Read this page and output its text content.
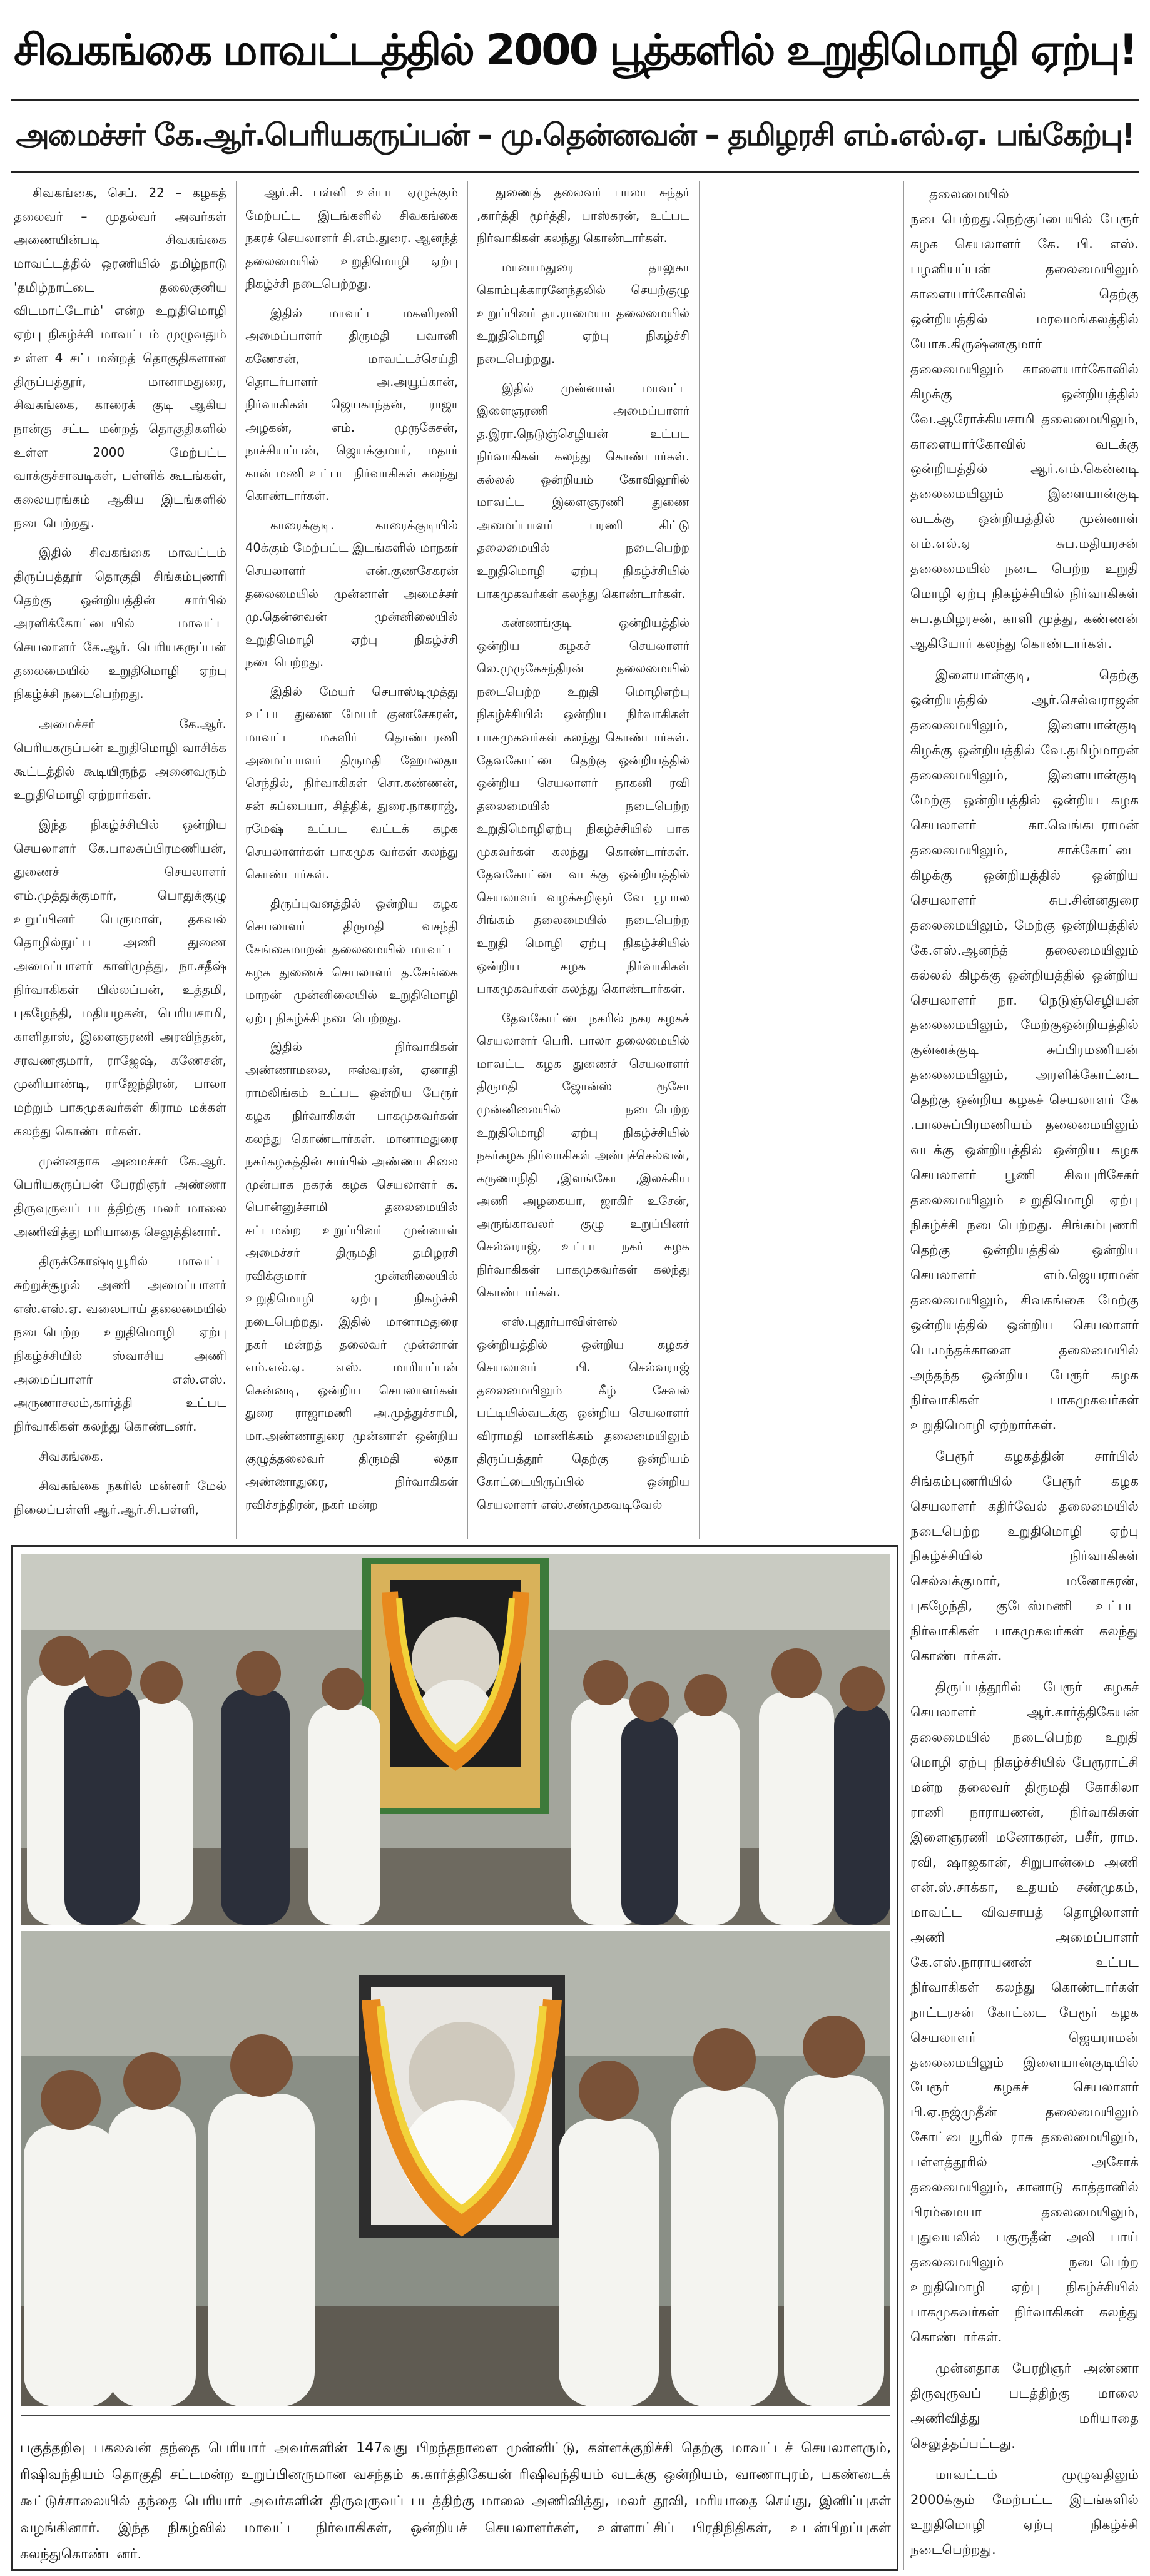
சிவகங்கை மாவட்டத்தில் 2000 பூத்களில் உறுதிமொழி ஏற்பு!
அமைச்சர் கே.ஆர்.பெரியகருப்பன் – மு.தென்னவன் – தமிழரசி எம்.எல்.ஏ. பங்கேற்பு!

சிவகங்கை, செப். 22 – கழகத் தலைவர் – முதல்வர் அவர்கள் அணையின்படி சிவகங்கை மாவட்டத்தில் ஒரணியில் தமிழ்நாடு 'தமிழ்நாட்டை தலைகுனிய விடமாட்டோம்' என்ற உறுதிமொழி ஏற்பு நிகழ்ச்சி மாவட்டம் முழுவதும் உள்ள 4 சட்டமன்றத் தொகுதிகளான திருப்பத்தூர், மானாமதுரை, சிவகங்கை, காரைக் குடி ஆகிய நான்கு சட்ட மன்றத் தொகுதிகளில் உள்ள 2000 மேற்பட்ட வாக்குச்சாவடிகள், பள்ளிக் கூடங்கள், கலையரங்கம் ஆகிய இடங்களில் நடைபெற்றது.

இதில் சிவகங்கை மாவட்டம் திருப்பத்தூர் தொகுதி சிங்கம்புணரி தெற்கு ஒன்றியத்தின் சார்பில் அரளிக்கோட்டையில் மாவட்ட செயலாளர் கே.ஆர். பெரியகருப்பன் தலைமையில் உறுதிமொழி ஏற்பு நிகழ்ச்சி நடைபெற்றது.

அமைச்சர் கே.ஆர். பெரியகருப்பன் உறுதிமொழி வாசிக்க கூட்டத்தில் கூடியிருந்த அனைவரும் உறுதிமொழி ஏற்றார்கள்.

இந்த நிகழ்ச்சியில் ஒன்றிய செயலாளர் கே.பாலசுப்பிரமணியன், துணைச் செயலாளர் எம்.முத்துக்குமார், பொதுக்குழு உறுப்பினர் பெருமாள், தகவல் தொழில்நுட்ப அணி துணை அமைப்பாளர் காளிமுத்து, நா.சதீஷ் நிர்வாகிகள் பில்லப்பன், உத்தமி, புகழேந்தி, மதியழகன், பெரியசாமி, காளிதாஸ், இளைஞரணி அரவிந்தன், சரவணகுமார், ராஜேஷ், கணேசன், முனியாண்டி, ராஜேந்திரன், பாலா மற்றும் பாகமுகவர்கள் கிராம மக்கள் கலந்து கொண்டார்கள்.

முன்னதாக அமைச்சர் கே.ஆர். பெரியகருப்பன் பேரறிஞர் அண்ணா திருவுருவப் படத்திற்கு மலர் மாலை அணிவித்து மரியாதை செலுத்தினார்.

திருக்கோஷ்டியூரில் மாவட்ட சுற்றுச்சூழல் அணி அமைப்பாளர் எஸ்.எஸ்.ஏ. வலைபாய் தலைமையில் நடைபெற்ற உறுதிமொழி ஏற்பு நிகழ்ச்சியில் ஸ்வாசிய அணி அமைப்பாளர் எஸ்.எஸ். அருணாசலம்,கார்த்தி உட்பட நிர்வாகிகள் கலந்து கொண்டனர்.

சிவகங்கை.

சிவகங்கை நகரில் மன்னர் மேல் நிலைப்பள்ளி ஆர்.ஆர்.சி.பள்ளி,

ஆர்.சி. பள்ளி உள்பட ஏழுக்கும் மேற்பட்ட இடங்களில் சிவகங்கை நகரச் செயலாளர் சி.எம்.துரை. ஆனந்த் தலைமையில் உறுதிமொழி ஏற்பு நிகழ்ச்சி நடைபெற்றது.

இதில் மாவட்ட மகளிரணி அமைப்பாளர் திருமதி பவானி கணேசன், மாவட்டச்செய்தி தொடர்பாளர் அ.அயூப்கான், நிர்வாகிகள் ஜெயகாந்தன், ராஜா அழகன், எம். முருகேசன், நாச்சியப்பன், ஜெயக்குமார், மதார் கான் மணி உட்பட நிர்வாகிகள் கலந்து கொண்டார்கள்.

காரைக்குடி. காரைக்குடியில் 40க்கும் மேற்பட்ட இடங்களில் மாநகர் செயலாளர் என்.குணசேகரன் தலைமையில் முன்னாள் அமைச்சர் மு.தென்னவன் முன்னிலையில் உறுதிமொழி ஏற்பு நிகழ்ச்சி நடைபெற்றது.

இதில் மேயர் செபாஸ்டிமுத்து உட்பட துணை மேயர் குணசேகரன், மாவட்ட மகளிர் தொண்டரணி அமைப்பாளர் திருமதி ஹேமலதா செந்தில், நிர்வாகிகள் சொ.கண்ணன், சன் சுப்பையா, சித்திக், துரை.நாகராஜ், ரமேஷ் உட்பட வட்டக் கழக செயலாளர்கள் பாகமுக வர்கள் கலந்து கொண்டார்கள்.

திருப்புவனத்தில் ஒன்றிய கழக செயலாளர் திருமதி வசந்தி சேங்கைமாறன் தலைமையில் மாவட்ட கழக துணைச் செயலாளர் த.சேங்கை மாறன் முன்னிலையில் உறுதிமொழி ஏற்பு நிகழ்ச்சி நடைபெற்றது.

இதில் நிர்வாகிகள் அண்ணாமலை, ஈஸ்வரன், ஏனாதி ராமலிங்கம் உட்பட ஒன்றிய பேரூர் கழக நிர்வாகிகள் பாகமுகவர்கள் கலந்து கொண்டார்கள். மானாமதுரை நகர்கழகத்தின் சார்பில் அண்ணா சிலை முன்பாக நகரக் கழக செயலாளர் க. பொன்னுச்சாமி தலைமையில் சட்டமன்ற உறுப்பினர் முன்னாள் அமைச்சர் திருமதி தமிழரசி ரவிக்குமார் முன்னிலையில் உறுதிமொழி ஏற்பு நிகழ்ச்சி நடைபெற்றது. இதில் மானாமதுரை நகர் மன்றத் தலைவர் முன்னாள் எம்.எல்.ஏ. எஸ். மாரியப்பன் கென்னடி, ஒன்றிய செயலாளர்கள் துரை ராஜாமணி அ.முத்துச்சாமி, மா.அண்ணாதுரை முன்னாள் ஒன்றிய குழுத்தலைவர் திருமதி லதா அண்ணாதுரை, நிர்வாகிகள் ரவிச்சந்திரன், நகர் மன்ற

துணைத் தலைவர் பாலா சுந்தர் ,கார்த்தி மூர்த்தி, பாஸ்கரன், உட்பட நிர்வாகிகள் கலந்து கொண்டார்கள்.

மானாமதுரை தாலுகா கொம்புக்காரனேந்தலில் செயற்குழு உறுப்பினர் தா.ராமையா தலைமையில் உறுதிமொழி ஏற்பு நிகழ்ச்சி நடைபெற்றது.

இதில் முன்னாள் மாவட்ட இளைஞரணி அமைப்பாளர் த.இரா.நெடுஞ்செழியன் உட்பட நிர்வாகிகள் கலந்து கொண்டார்கள். கல்லல் ஒன்றியம் கோவிலூரில் மாவட்ட இளைஞரணி துணை அமைப்பாளர் பரணி கிட்டு தலைமையில் நடைபெற்ற உறுதிமொழி ஏற்பு நிகழ்ச்சியில் பாகமுகவர்கள் கலந்து கொண்டார்கள்.

கண்ணங்குடி ஒன்றியத்தில் ஒன்றிய கழகச் செயலாளர் லெ.முருகேசந்திரன் தலைமையில் நடைபெற்ற உறுதி மொழிஎற்பு நிகழ்ச்சியில் ஒன்றிய நிர்வாகிகள் பாகமுகவர்கள் கலந்து கொண்டார்கள். தேவகோட்டை தெற்கு ஒன்றியத்தில் ஒன்றிய செயலாளர் நாகனி ரவி தலைமையில் நடைபெற்ற உறுதிமொழிஏற்பு நிகழ்ச்சியில் பாக முகவர்கள் கலந்து கொண்டார்கள். தேவகோட்டை வடக்கு ஒன்றியத்தில் செயலாளர் வழக்கறிஞர் வே பூபால சிங்கம் தலைமையில் நடைபெற்ற உறுதி மொழி ஏற்பு நிகழ்ச்சியில் ஒன்றிய கழக நிர்வாகிகள் பாகமுகவர்கள் கலந்து கொண்டார்கள்.

தேவகோட்டை நகரில் நகர கழகச் செயலாளர் பெரி. பாலா தலைமையில் மாவட்ட கழக துணைச் செயலாளர் திருமதி ஜோன்ஸ் ரூசோ முன்னிலையில் நடைபெற்ற உறுதிமொழி ஏற்பு நிகழ்ச்சியில் நகர்கழக நிர்வாகிகள் அன்புச்செல்வன், கருணாநிதி ,இளங்கோ ,இலக்கிய அணி அழகையா, ஜாகிர் உசேன், அருங்காவலர் குழு உறுப்பினர் செல்வராஜ், உட்பட நகர் கழக நிர்வாகிகள் பாகமுகவர்கள் கலந்து கொண்டார்கள்.

எஸ்.புதூர்பாவிள்ளல் ஒன்றியத்தில் ஒன்றிய கழகச் செயலாளர் பி. செல்வராஜ் தலைமையிலும் கீழ் சேவல் பட்டியில்வடக்கு ஒன்றிய செயலாளர் விராமதி மாணிக்கம் தலைமையிலும் திருப்பத்தூர் தெற்கு ஒன்றியம் கோட்டையிருப்பில் ஒன்றிய செயலாளர் எஸ்.சண்முகவடிவேல்

தலைமையில் நடைபெற்றது.நெற்குப்பையில் பேரூர் கழக செயலாளர் கே. பி. எஸ். பழனியப்பன் தலைமையிலும் காளையார்கோவில் தெற்கு ஒன்றியத்தில் மரவமங்கலத்தில் யோக.கிருஷ்ணகுமார் தலைமையிலும் காளையார்கோவில் கிழக்கு ஒன்றியத்தில் வே.ஆரோக்கியசாமி தலைமையிலும், காளையார்கோவில் வடக்கு ஒன்றியத்தில் ஆர்.எம்.கென்னடி தலைமையிலும் இளையான்குடி வடக்கு ஒன்றியத்தில் முன்னாள் எம்.எல்.ஏ சுப.மதியரசன் தலைமையில் நடை பெற்ற உறுதி மொழி ஏற்பு நிகழ்ச்சியில் நிர்வாகிகள் சுப.தமிழரசன், காளி முத்து, கண்ணன் ஆகியோர் கலந்து கொண்டார்கள்.

இளையான்குடி, தெற்கு ஒன்றியத்தில் ஆர்.செல்வராஜன் தலைமையிலும், இளையான்குடி கிழக்கு ஒன்றியத்தில் வே.தமிழ்மாறன் தலைமையிலும், இளையான்குடி மேற்கு ஒன்றியத்தில் ஒன்றிய கழக செயலாளர் கா.வெங்கடராமன் தலைமையிலும், சாக்கோட்டை கிழக்கு ஒன்றியத்தில் ஒன்றிய செயலாளர் சுப.சின்னதுரை தலைமையிலும், மேற்கு ஒன்றியத்தில் கே.எஸ்.ஆனந்த் தலைமையிலும் கல்லல் கிழக்கு ஒன்றியத்தில் ஒன்றிய செயலாளர் நா. நெடுஞ்செழியன் தலைமையிலும், மேற்குஒன்றியத்தில் குன்னக்குடி சுப்பிரமணியன் தலைமையிலும், அரளிக்கோட்டை தெற்கு ஒன்றிய கழகச் செயலாளர் கே .பாலசுப்பிரமணியம் தலைமையிலும் வடக்கு ஒன்றியத்தில் ஒன்றிய கழக செயலாளர் பூணி சிவபுரிசேகர் தலைமையிலும் உறுதிமொழி ஏற்பு நிகழ்ச்சி நடைபெற்றது. சிங்கம்புணரி தெற்கு ஒன்றியத்தில் ஒன்றிய செயலாளர் எம்.ஜெயராமன் தலைமையிலும், சிவகங்கை மேற்கு ஒன்றியத்தில் ஒன்றிய செயலாளர் பெ.மந்தக்காளை தலைமையில் அந்தந்த ஒன்றிய பேரூர் கழக நிர்வாகிகள் பாகமுகவர்கள் உறுதிமொழி ஏற்றார்கள்.

பேரூர் கழகத்தின் சார்பில் சிங்கம்புணரியில் பேரூர் கழக செயலாளர் கதிர்வேல் தலைமையில் நடைபெற்ற உறுதிமொழி ஏற்பு நிகழ்ச்சியில் நிர்வாகிகள் செல்வக்குமார், மனோகரன், புகழேந்தி, குடேஸ்மணி உட்பட நிர்வாகிகள் பாகமுகவர்கள் கலந்து கொண்டார்கள்.

திருப்பத்தூரில் பேரூர் கழகச் செயலாளர் ஆர்.கார்த்திகேயன் தலைமையில் நடைபெற்ற உறுதி மொழி ஏற்பு நிகழ்ச்சியில் பேரூராட்சி மன்ற தலைவர் திருமதி கோகிலா ராணி நாராயணன், நிர்வாகிகள் இளைஞரணி மனோகரன், பசீர், ராம. ரவி, ஷாஜகான், சிறுபான்மை அணி என்.ஸ்.சாக்கா, உதயம் சண்முகம், மாவட்ட விவசாயத் தொழிலாளர் அணி அமைப்பாளர் கே.எஸ்.நாராயணன் உட்பட நிர்வாகிகள் கலந்து கொண்டார்கள் நாட்டரசன் கோட்டை பேரூர் கழக செயலாளர் ஜெயராமன் தலைமையிலும் இளையான்குடியில் பேரூர் கழகச் செயலாளர் பி.ஏ.நஜ்முதீன் தலைமையிலும் கோட்டையூரில் ராசு தலைமையிலும், பள்ளத்தூரில் அசோக் தலைமையிலும், கானாடு காத்தானில் பிரம்மையா தலைமையிலும், புதுவயலில் பகுருதீன் அலி பாய் தலைமையிலும் நடைபெற்ற உறுதிமொழி ஏற்பு நிகழ்ச்சியில் பாகமுகவர்கள் நிர்வாகிகள் கலந்து கொண்டார்கள்.

முன்னதாக பேரறிஞர் அண்ணா திருவுருவப் படத்திற்கு மாலை அணிவித்து மரியாதை செலுத்தப்பட்டது.

மாவட்டம் முழுவதிலும் 2000க்கும் மேற்பட்ட இடங்களில் உறுதிமொழி ஏற்பு நிகழ்ச்சி நடைபெற்றது.

பகுத்தறிவு பகலவன் தந்தை பெரியார் அவர்களின் 147வது பிறந்தநாளை முன்னிட்டு, கள்ளக்குறிச்சி தெற்கு மாவட்டச் செயலாளரும், ரிஷிவந்தியம் தொகுதி சட்டமன்ற உறுப்பினருமான வசந்தம் க.கார்த்திகேயன் ரிஷிவந்தியம் வடக்கு ஒன்றியம், வாணாபுரம், பகண்டைக் கூட்டுச்சாலையில் தந்தை பெரியார் அவர்களின் திருவுருவப் படத்திற்கு மாலை அணிவித்து, மலர் தூவி, மரியாதை செய்து, இனிப்புகள் வழங்கினார். இந்த நிகழ்வில் மாவட்ட நிர்வாகிகள், ஒன்றியச் செயலாளர்கள், உள்ளாட்சிப் பிரதிநிதிகள், உடன்பிறப்புகள் கலந்துகொண்டனர்.
